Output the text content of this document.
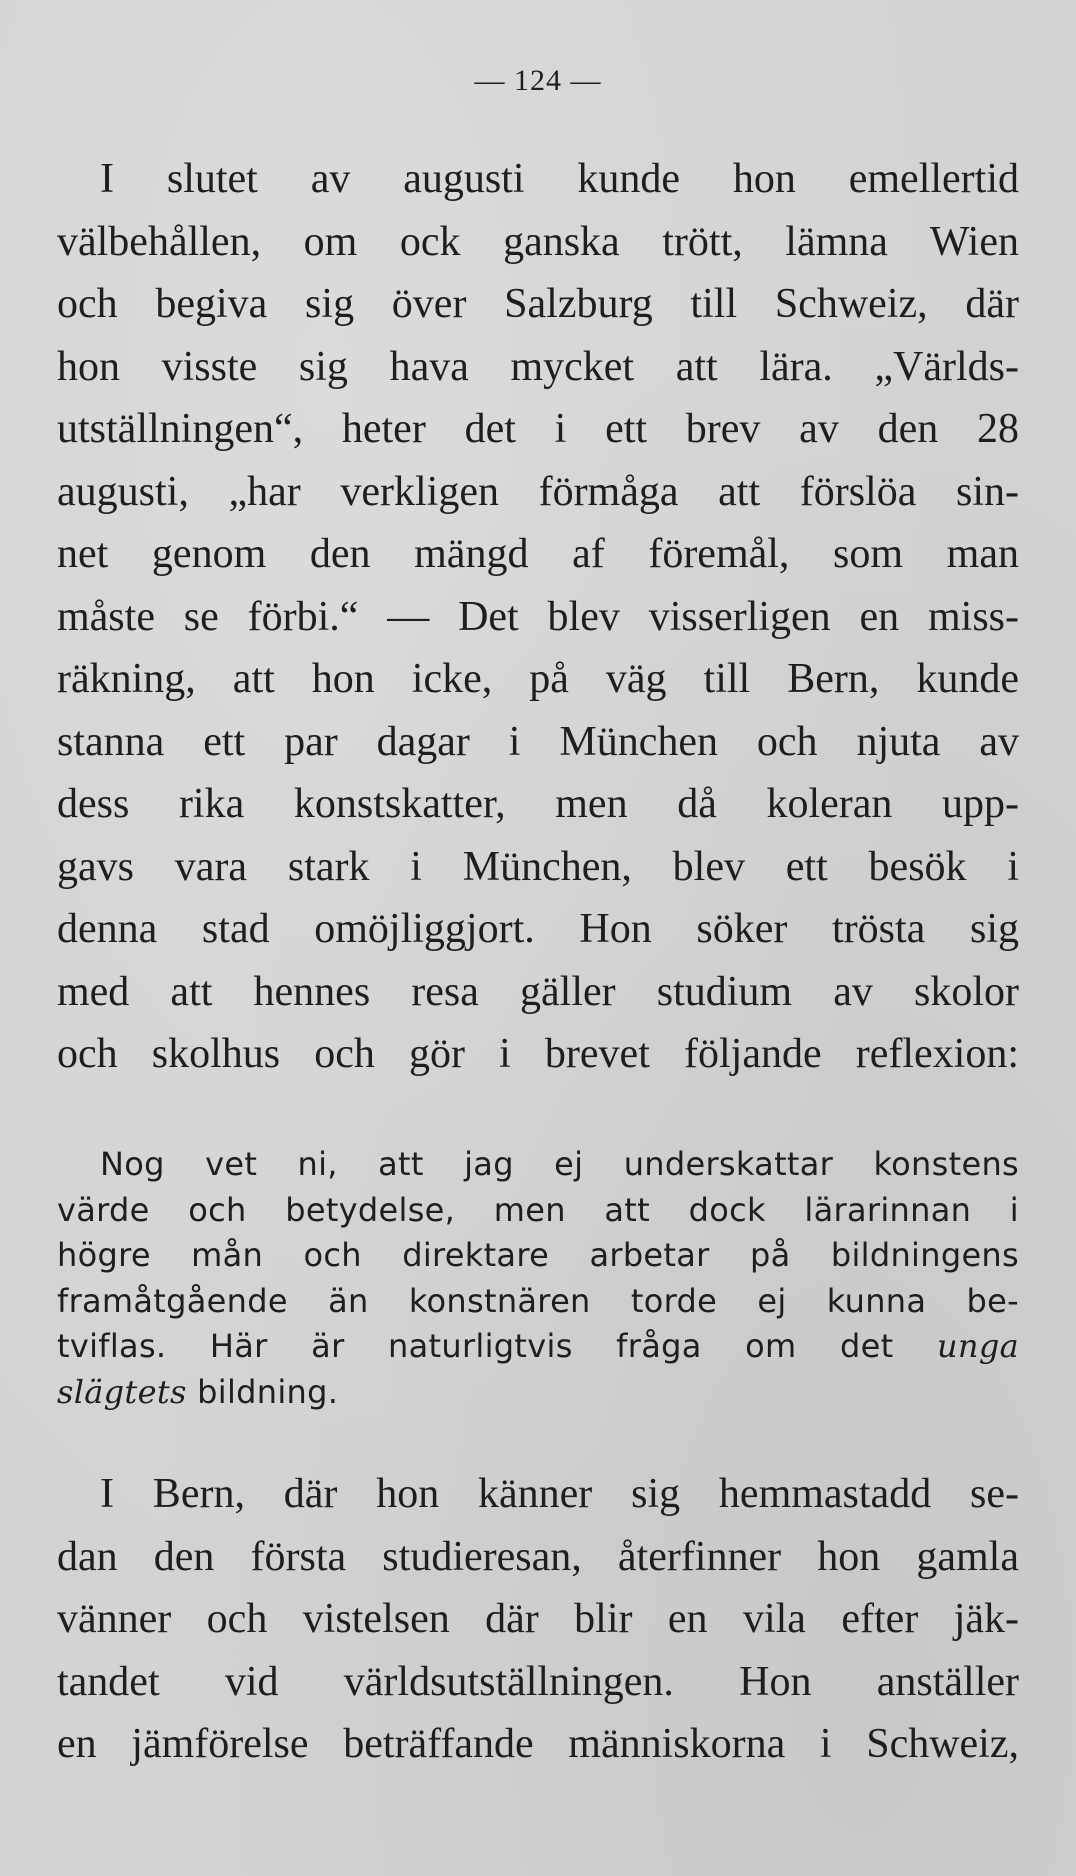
— 124 —
I slutet av augusti kunde hon emellertid
välbehållen, om ock ganska trött, lämna Wien
och begiva sig över Salzburg till Schweiz, där
hon visste sig hava mycket att lära. „Världs-
utställningen“, heter det i ett brev av den 28
augusti, „har verkligen förmåga att förslöa sin-
net genom den mängd af föremål, som man
måste se förbi.“ — Det blev visserligen en miss-
räkning, att hon icke, på väg till Bern, kunde
stanna ett par dagar i München och njuta av
dess rika konstskatter, men då koleran upp-
gavs vara stark i München, blev ett besök i
denna stad omöjliggjort. Hon söker trösta sig
med att hennes resa gäller studium av skolor
och skolhus och gör i brevet följande reflexion:
Nog vet ni, att jag ej underskattar konstens
värde och betydelse, men att dock lärarinnan i
högre mån och direktare arbetar på bildningens
framåtgående än konstnären torde ej kunna be-
tviflas. Här är naturligtvis fråga om det unga
slägtets bildning.
I Bern, där hon känner sig hemmastadd se-
dan den första studieresan, återfinner hon gamla
vänner och vistelsen där blir en vila efter jäk-
tandet vid världsutställningen. Hon anställer
en jämförelse beträffande människorna i Schweiz,
